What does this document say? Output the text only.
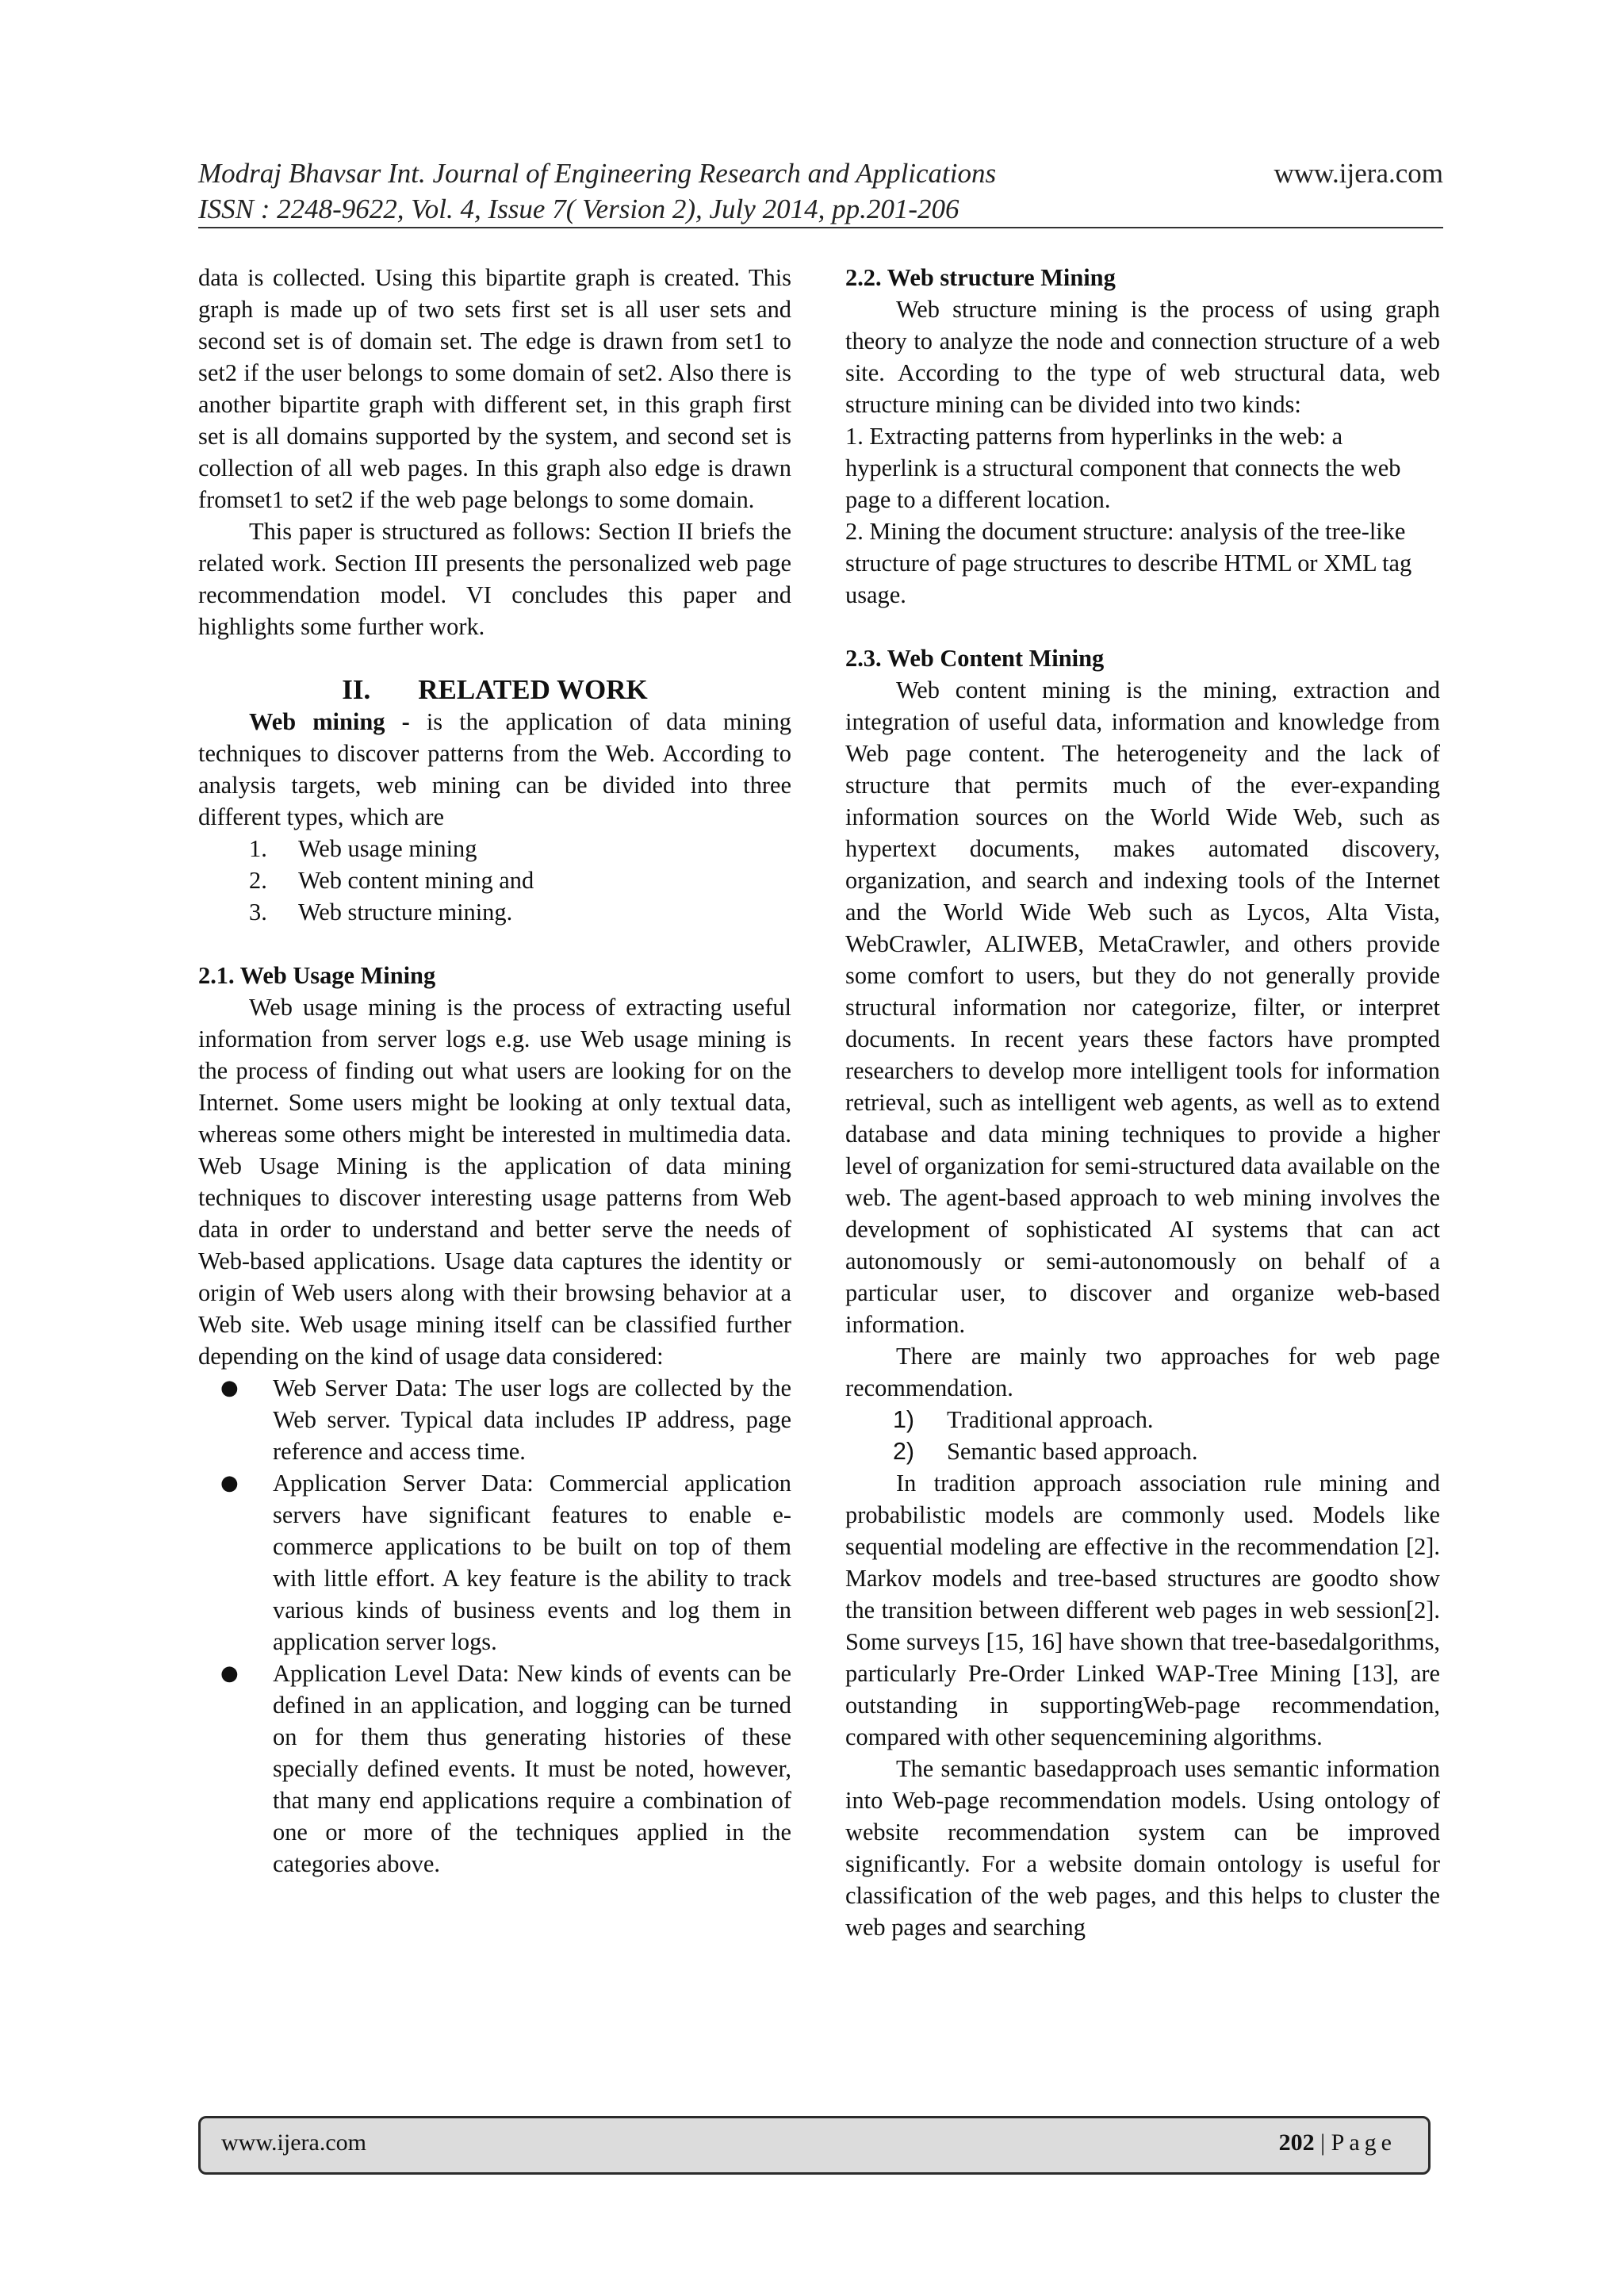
Modraj Bhavsar Int. Journal of Engineering Research and Applications
ISSN : 2248-9622, Vol. 4, Issue 7( Version 2), July 2014, pp.201-206
www.ijera.com

data is collected. Using this bipartite graph is created. This graph is made up of two sets first set is all user sets and second set is of domain set. The edge is drawn from set1 to set2 if the user belongs to some domain of set2. Also there is another bipartite graph with different set, in this graph first set is all domains supported by the system, and second set is collection of all web pages. In this graph also edge is drawn fromset1 to set2 if the web page belongs to some domain.

This paper is structured as follows: Section II briefs the related work. Section III presents the personalized web page recommendation model. VI concludes this paper and highlights some further work.

II. RELATED WORK

Web mining - is the application of data mining techniques to discover patterns from the Web. According to analysis targets, web mining can be divided into three different types, which are

1. Web usage mining
2. Web content mining and
3. Web structure mining.

2.1. Web Usage Mining

Web usage mining is the process of extracting useful information from server logs e.g. use Web usage mining is the process of finding out what users are looking for on the Internet. Some users might be looking at only textual data, whereas some others might be interested in multimedia data. Web Usage Mining is the application of data mining techniques to discover interesting usage patterns from Web data in order to understand and better serve the needs of Web-based applications. Usage data captures the identity or origin of Web users along with their browsing behavior at a Web site. Web usage mining itself can be classified further depending on the kind of usage data considered:

● Web Server Data: The user logs are collected by the Web server. Typical data includes IP address, page reference and access time.
● Application Server Data: Commercial application servers have significant features to enable e-commerce applications to be built on top of them with little effort. A key feature is the ability to track various kinds of business events and log them in application server logs.
● Application Level Data: New kinds of events can be defined in an application, and logging can be turned on for them thus generating histories of these specially defined events. It must be noted, however, that many end applications require a combination of one or more of the techniques applied in the categories above.

2.2. Web structure Mining

Web structure mining is the process of using graph theory to analyze the node and connection structure of a web site. According to the type of web structural data, web structure mining can be divided into two kinds:

1. Extracting patterns from hyperlinks in the web: a hyperlink is a structural component that connects the web page to a different location.

2. Mining the document structure: analysis of the tree-like structure of page structures to describe HTML or XML tag usage.

2.3. Web Content Mining

Web content mining is the mining, extraction and integration of useful data, information and knowledge from Web page content. The heterogeneity and the lack of structure that permits much of the ever-expanding information sources on the World Wide Web, such as hypertext documents, makes automated discovery, organization, and search and indexing tools of the Internet and the World Wide Web such as Lycos, Alta Vista, WebCrawler, ALIWEB, MetaCrawler, and others provide some comfort to users, but they do not generally provide structural information nor categorize, filter, or interpret documents. In recent years these factors have prompted researchers to develop more intelligent tools for information retrieval, such as intelligent web agents, as well as to extend database and data mining techniques to provide a higher level of organization for semi-structured data available on the web. The agent-based approach to web mining involves the development of sophisticated AI systems that can act autonomously or semi-autonomously on behalf of a particular user, to discover and organize web-based information.

There are mainly two approaches for web page recommendation.

1) Traditional approach.
2) Semantic based approach.

In tradition approach association rule mining and probabilistic models are commonly used. Models like sequential modeling are effective in the recommendation [2]. Markov models and tree-based structures are goodto show the transition between different web pages in web session[2]. Some surveys [15, 16] have shown that tree-basedalgorithms, particularly Pre-Order Linked WAP-Tree Mining [13], are outstanding in supportingWeb-page recommendation, compared with other sequencemining algorithms.

The semantic basedapproach uses semantic information into Web-page recommendation models. Using ontology of website recommendation system can be improved significantly. For a website domain ontology is useful for classification of the web pages, and this helps to cluster the web pages and searching

www.ijera.com	202 | Page
